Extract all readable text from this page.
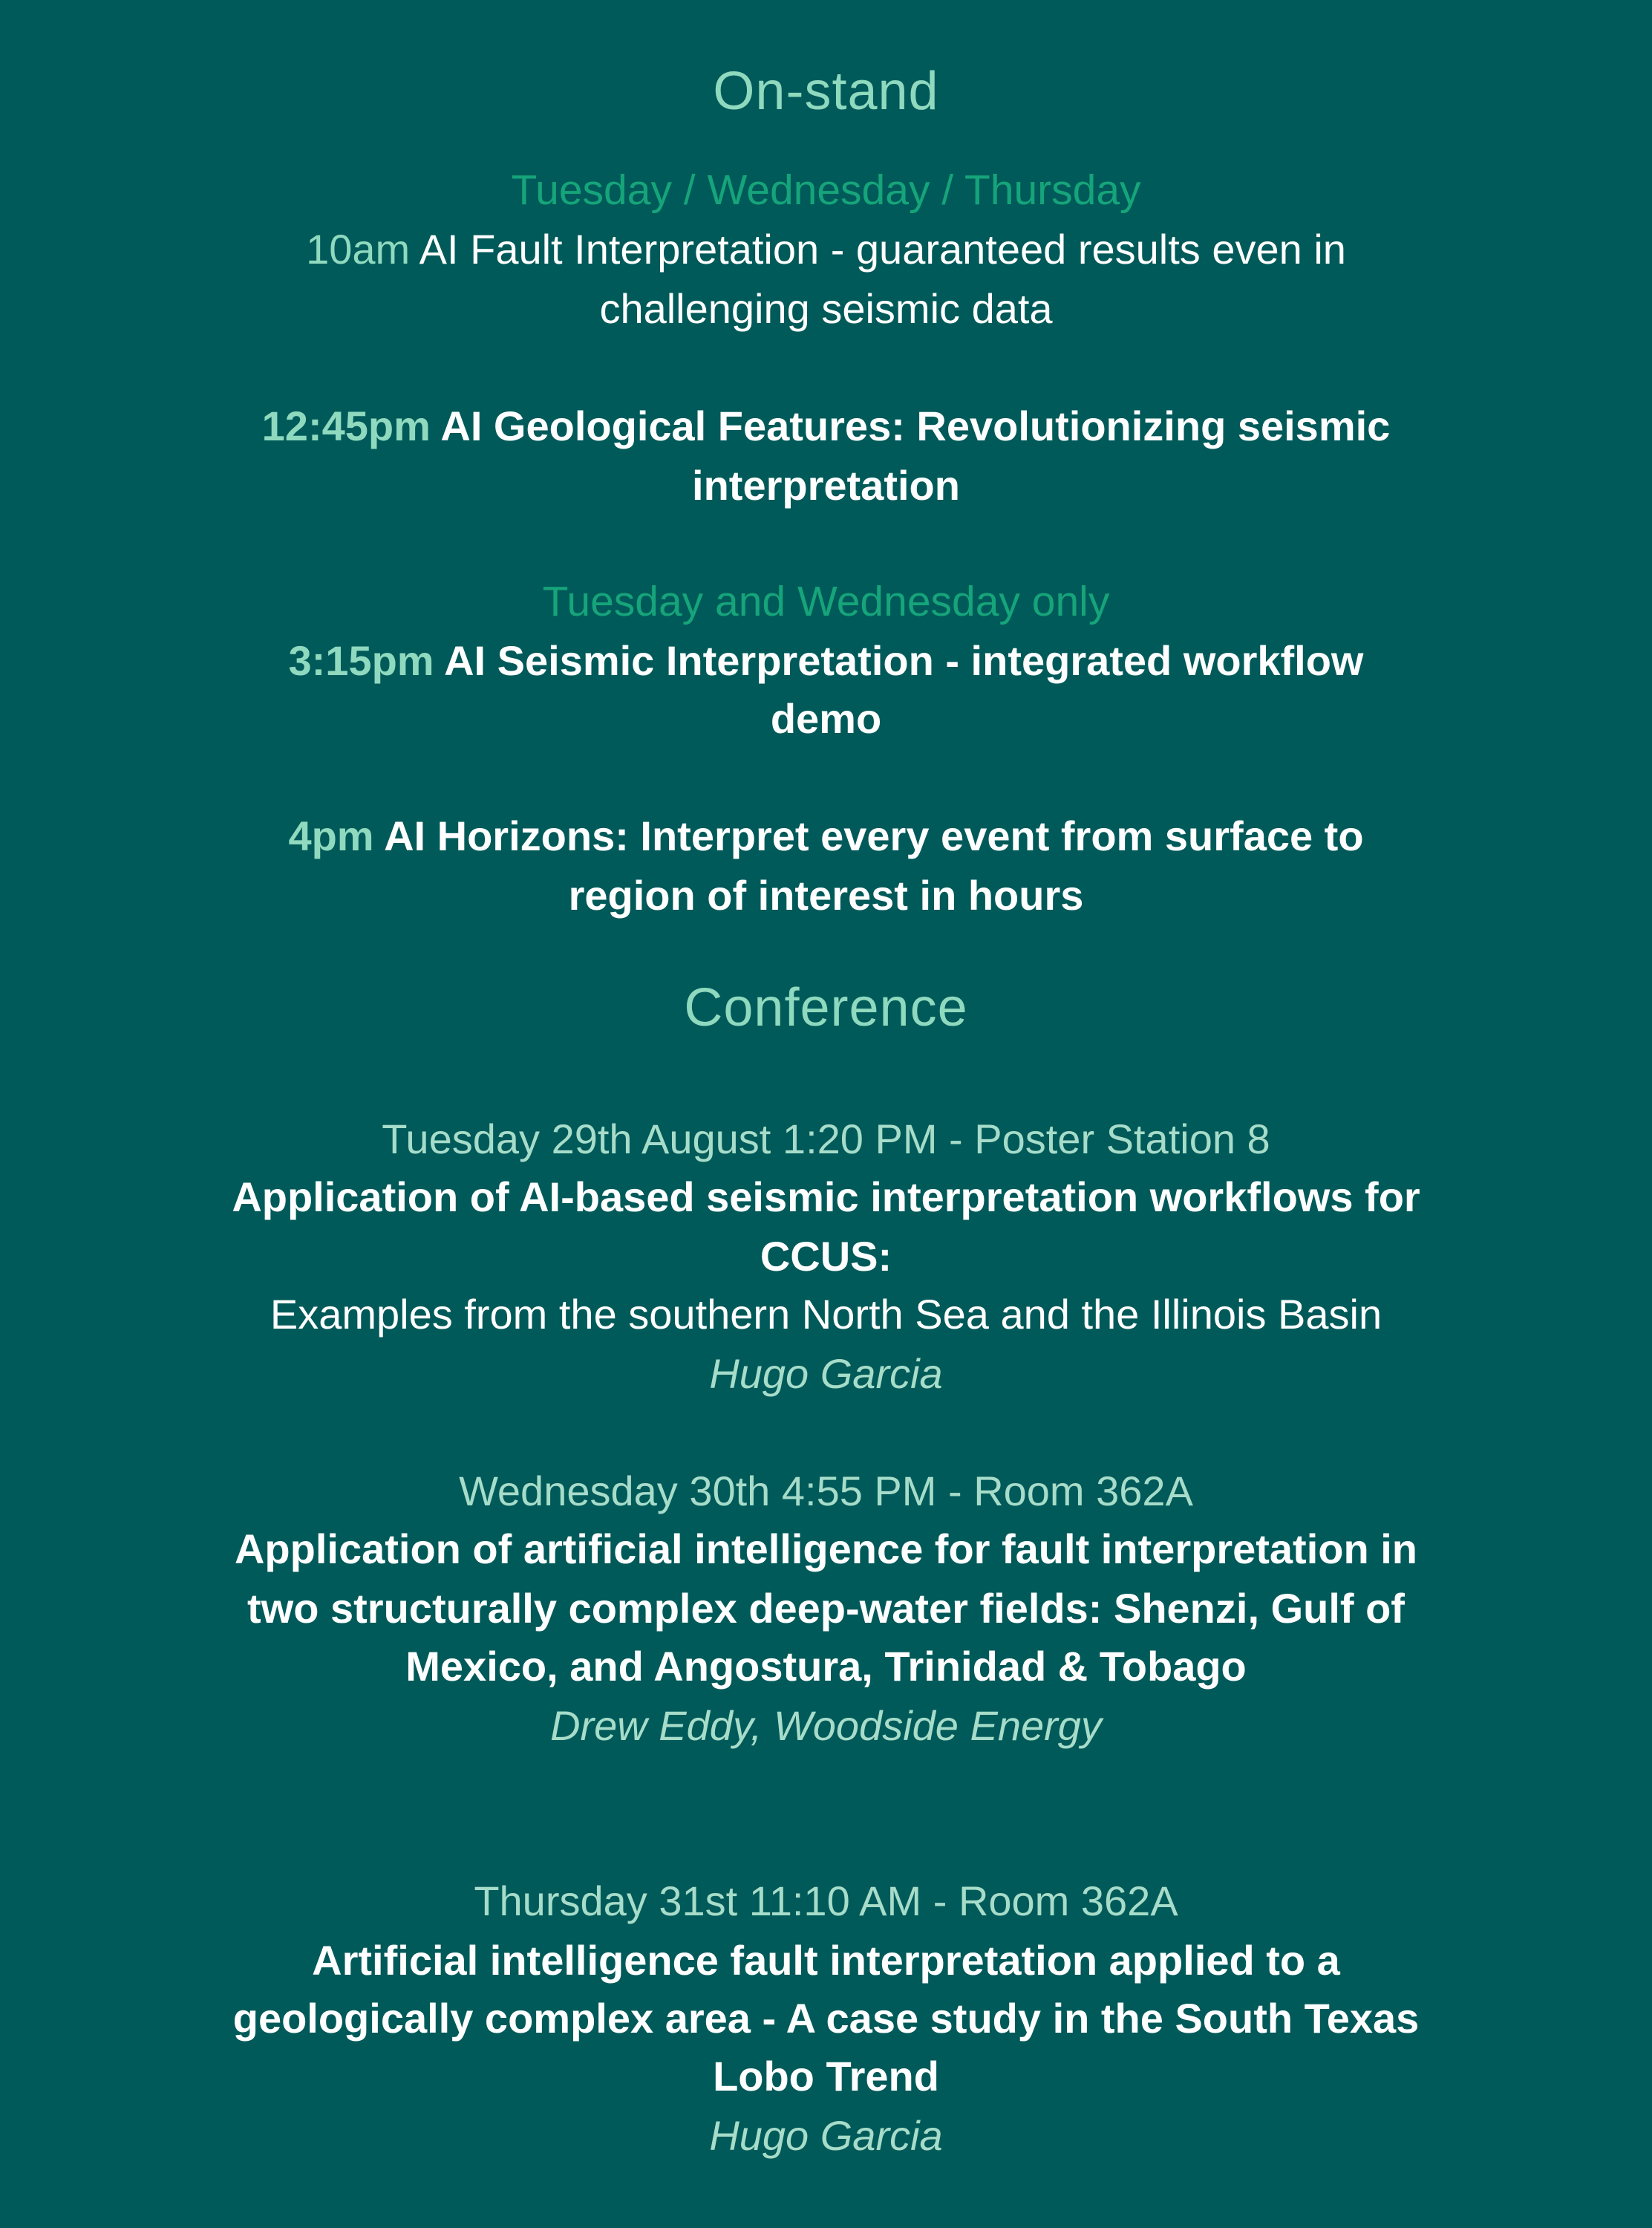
On-stand
Tuesday / Wednesday / Thursday
10am AI Fault Interpretation - guaranteed results even in
challenging seismic data
12:45pm AI Geological Features: Revolutionizing seismic
interpretation
Tuesday and Wednesday only
3:15pm AI Seismic Interpretation - integrated workflow
demo
4pm AI Horizons: Interpret every event from surface to
region of interest in hours
Conference
Tuesday 29th August 1:20 PM - Poster Station 8
Application of AI-based seismic interpretation workflows for
CCUS:
Examples from the southern North Sea and the Illinois Basin
Hugo Garcia
Wednesday 30th 4:55 PM - Room 362A
Application of artificial intelligence for fault interpretation in
two structurally complex deep-water fields: Shenzi, Gulf of
Mexico, and Angostura, Trinidad & Tobago
Drew Eddy, Woodside Energy
Thursday 31st 11:10 AM - Room 362A
Artificial intelligence fault interpretation applied to a
geologically complex area - A case study in the South Texas
Lobo Trend
Hugo Garcia
